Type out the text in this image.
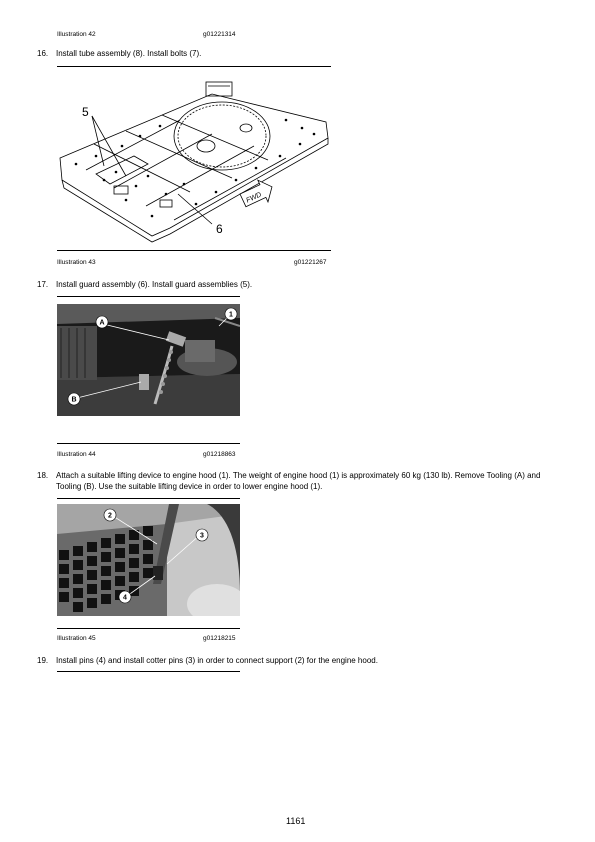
Illustration 42	g01221314
16. Install tube assembly (8). Install bolts (7).
5
6
FWD
Illustration 43	g01221267
17. Install guard assembly (6). Install guard assemblies (5).
A
1
B
Illustration 44	g01218863
18. Attach a suitable lifting device to engine hood (1). The weight of engine hood (1) is approximately 60 kg (130 lb). Remove Tooling (A) and Tooling (B). Use the suitable lifting device in order to lower engine hood (1).
2
3
4
Illustration 45	g01218215
19. Install pins (4) and install cotter pins (3) in order to connect support (2) for the engine hood.
1161
